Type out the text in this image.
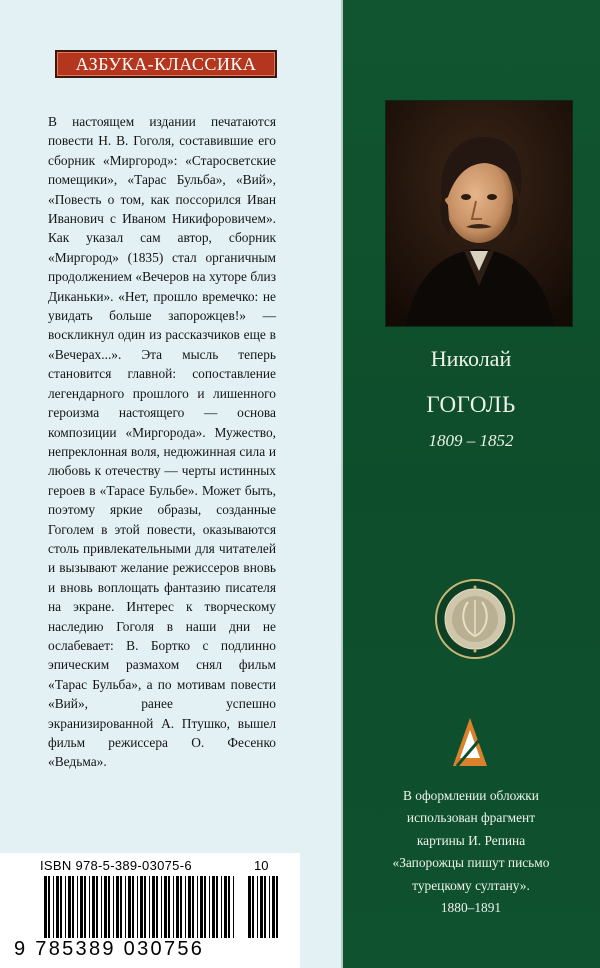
АЗБУКА-КЛАССИКА

В настоящем издании печатаются повести Н. В. Гоголя, составившие его сборник «Миргород»: «Старосветские помещики», «Тарас Бульба», «Вий», «Повесть о том, как поссорился Иван Иванович с Иваном Никифоровичем». Как указал сам автор, сборник «Миргород» (1835) стал органичным продолжением «Вечеров на хуторе близ Диканьки». «Нет, прошло времечко: не увидать больше запорожцев!» — воскликнул один из рассказчиков еще в «Вечерах...». Эта мысль теперь становится главной: сопоставление легендарного прошлого и лишенного героизма настоящего — основа композиции «Миргорода». Мужество, непреклонная воля, недюжинная сила и любовь к отечеству — черты истинных героев в «Тарасе Бульбе». Может быть, поэтому яркие образы, созданные Гоголем в этой повести, оказываются столь привлекательными для читателей и вызывают желание режиссеров вновь и вновь воплощать фантазию писателя на экране. Интерес к творческому наследию Гоголя в наши дни не ослабевает: В. Бортко с подлинно эпическим размахом снял фильм «Тарас Бульба», а по мотивам повести «Вий», ранее успешно экранизированной А. Птушко, вышел фильм режиссера О. Фесенко «Ведьма».

ISBN 978-5-389-03075-6	10
9 785389 030756
Николай
ГОГОЛЬ
1809 – 1852

В оформлении обложки
использован фрагмент
картины И. Репина
«Запорожцы пишут письмо
турецкому султану».
1880–1891
